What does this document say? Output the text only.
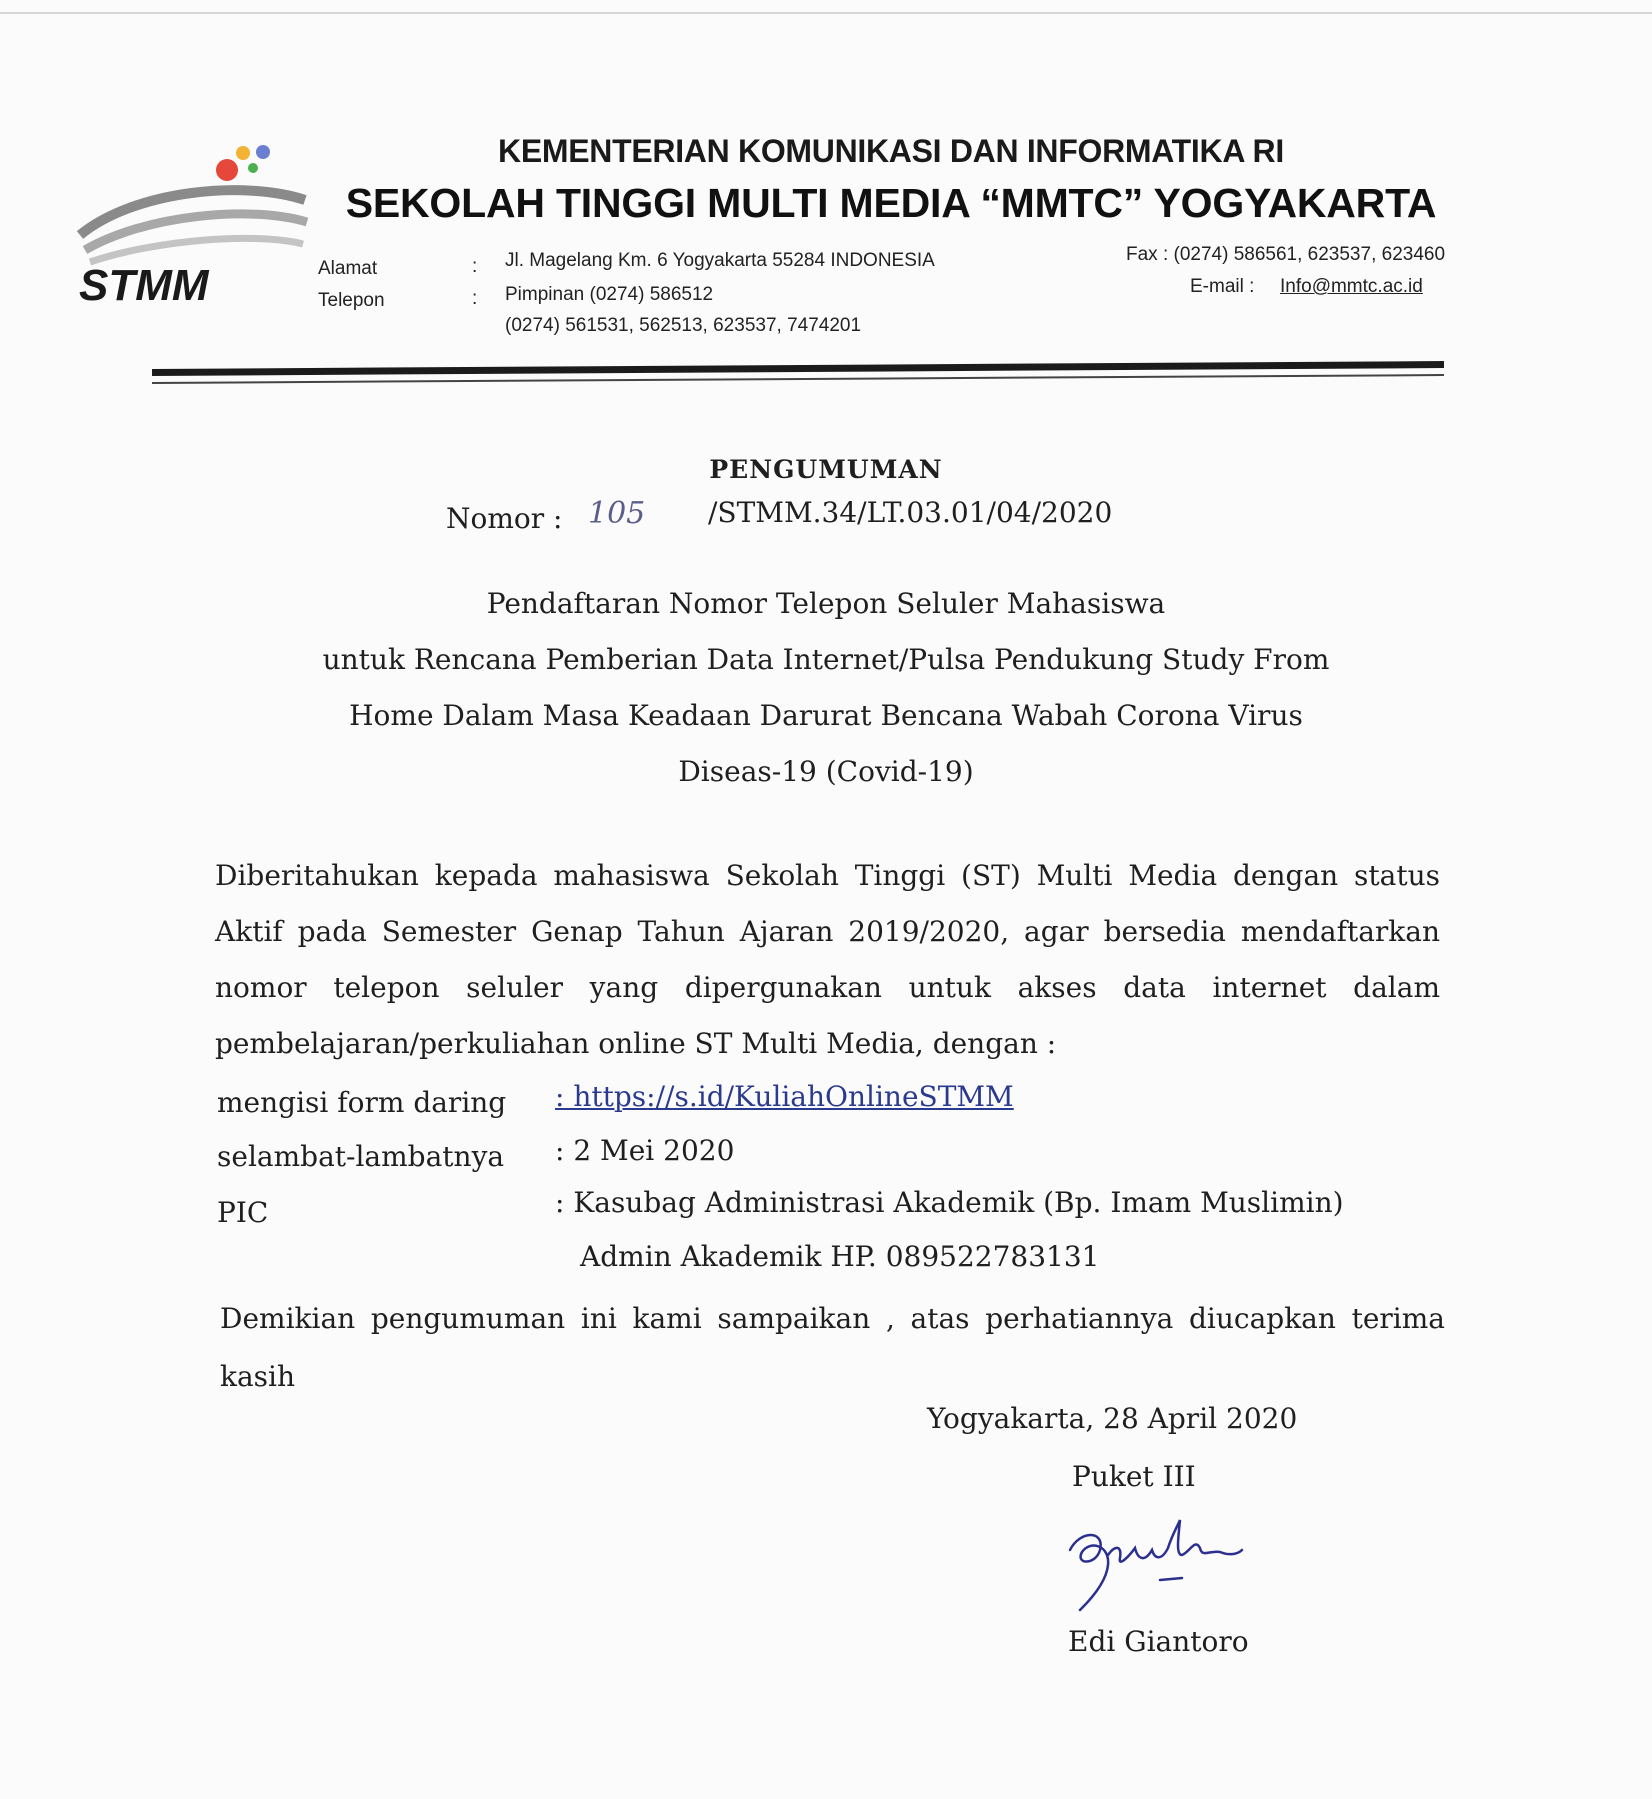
STMM
KEMENTERIAN KOMUNIKASI DAN INFORMATIKA RI
SEKOLAH TINGGI MULTI MEDIA “MMTC” YOGYAKARTA
Alamat
Telepon
:
:
Jl. Magelang Km. 6 Yogyakarta 55284 INDONESIA
Pimpinan (0274) 586512
(0274) 561531, 562513, 623537, 7474201
Fax : (0274) 586561, 623537, 623460
E-mail : Info@mmtc.ac.id
PENGUMUMAN
Nomor : 105 /STMM.34/LT.03.01/04/2020
Pendaftaran Nomor Telepon Seluler Mahasiswa
untuk Rencana Pemberian Data Internet/Pulsa Pendukung Study From
Home Dalam Masa Keadaan Darurat Bencana Wabah Corona Virus
Diseas-19 (Covid-19)

Diberitahukan kepada mahasiswa Sekolah Tinggi (ST) Multi Media dengan status Aktif pada Semester Genap Tahun Ajaran 2019/2020, agar bersedia mendaftarkan nomor telepon seluler yang dipergunakan untuk akses data internet dalam pembelajaran/perkuliahan online ST Multi Media, dengan :

mengisi form daring : https://s.id/KuliahOnlineSTMM
selambat-lambatnya : 2 Mei 2020
PIC	: Kasubag Administrasi Akademik (Bp. Imam Muslimin)
Admin Akademik HP. 089522783131

Demikian pengumuman ini kami sampaikan , atas perhatiannya diucapkan terima kasih

Yogyakarta, 28 April 2020
Puket III
Edi Giantoro
